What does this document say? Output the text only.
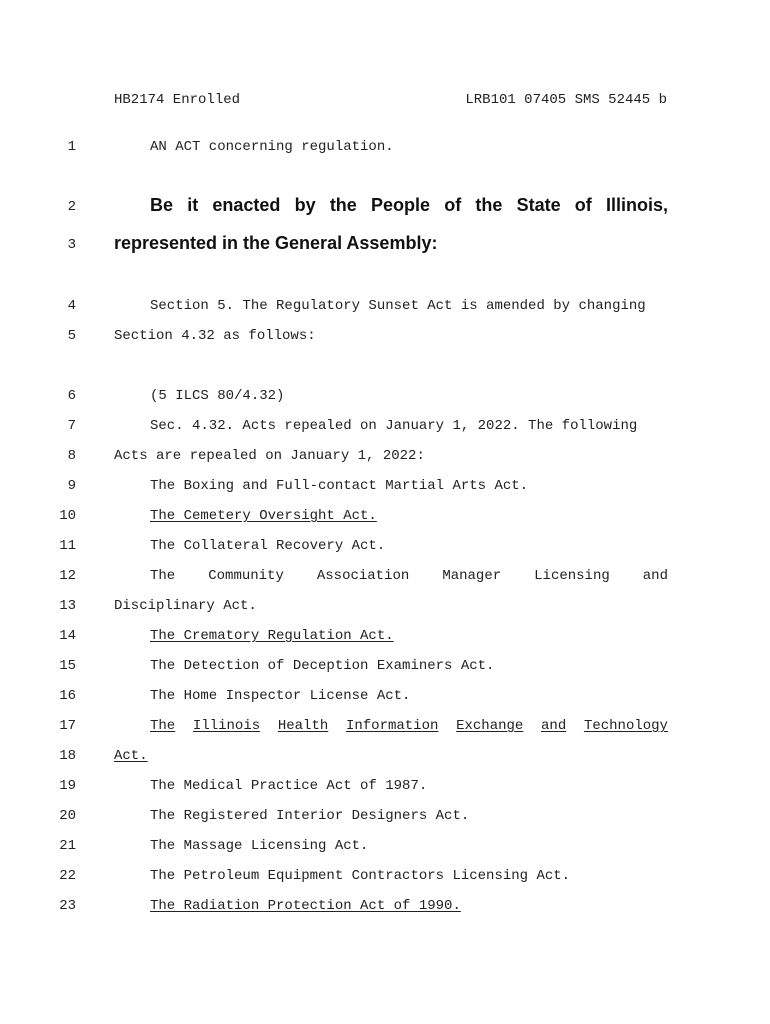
HB2174 Enrolled	LRB101 07405 SMS 52445 b
1	AN ACT concerning regulation.
2	Be it enacted by the People of the State of Illinois,
3 represented in the General Assembly:
4	Section 5. The Regulatory Sunset Act is amended by changing
5	Section 4.32 as follows:
6	(5 ILCS 80/4.32)
7	Sec. 4.32. Acts repealed on January 1, 2022. The following
8	Acts are repealed on January 1, 2022:
9	The Boxing and Full-contact Martial Arts Act.
10	The Cemetery Oversight Act.
11	The Collateral Recovery Act.
12	The Community Association Manager Licensing and
13	Disciplinary Act.
14	The Crematory Regulation Act.
15	The Detection of Deception Examiners Act.
16	The Home Inspector License Act.
17	The Illinois Health Information Exchange and Technology
18	Act.
19	The Medical Practice Act of 1987.
20	The Registered Interior Designers Act.
21	The Massage Licensing Act.
22	The Petroleum Equipment Contractors Licensing Act.
23	The Radiation Protection Act of 1990.
